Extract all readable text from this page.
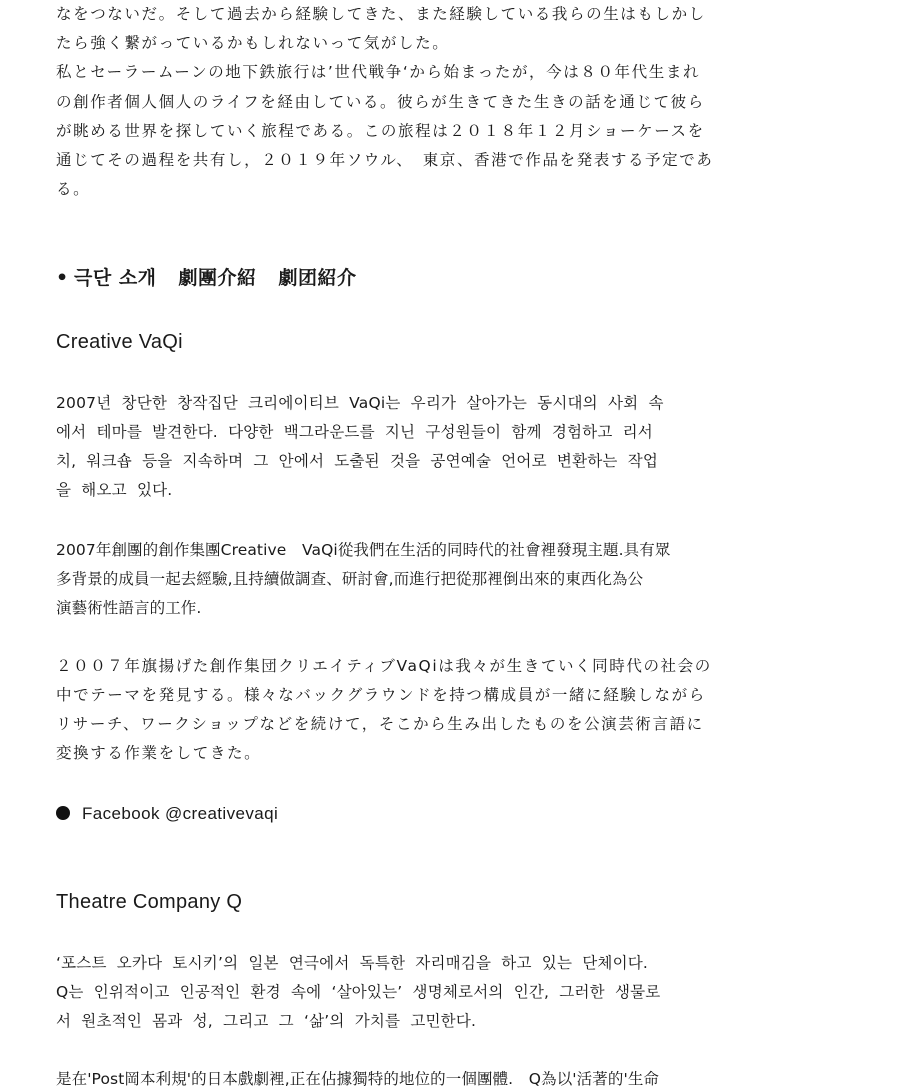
なをつないだ。そして過去から経験してきた、また経験している我らの生はもしかし
たら強く繋がっているかもしれないって気がした。
私とセーラームーンの地下鉄旅行は’世代戦争‘から始まったが，今は８０年代生まれ
の創作者個人個人のライフを経由している。彼らが生きてきた生きの話を通じて彼ら
が眺める世界を探していく旅程である。この旅程は２０１８年１２月ショーケースを
通じてその過程を共有し，２０１９年ソウル、　東京、香港で作品を発表する予定であ
る。
• 극단 소개 劇團介紹 劇团紹介
Creative VaQi
2007년 창단한 창작집단 크리에이티브 VaQi는 우리가 살아가는 동시대의 사회 속
에서 테마를 발견한다. 다양한 백그라운드를 지닌 구성원들이 함께 경험하고 리서
치, 워크숍 등을 지속하며 그 안에서 도출된 것을 공연예술 언어로 변환하는 작업
을 해오고 있다.
2007年創團的創作集團Creative　VaQi從我們在生活的同時代的社會裡發現主題.具有眾
多背景的成員一起去經驗,且持續做調查、研討會,而進行把從那裡倒出來的東西化為公
演藝術性語言的工作.
２００７年旗揚げた創作集団クリエイティブVaQiは我々が生きていく同時代の社会の
中でテーマを発見する。様々なバックグラウンドを持つ構成員が一緒に経験しながら
リサーチ、ワークショップなどを続けて，そこから生み出したものを公演芸術言語に
変換する作業をしてきた。
Facebook @creativevaqi
Theatre Company Q
‘포스트 오카다 토시키’의 일본 연극에서 독특한 자리매김을 하고 있는 단체이다.
Q는 인위적이고 인공적인 환경 속에 ‘살아있는’ 생명체로서의 인간, 그러한 생물로
서 원초적인 몸과 성, 그리고 그 ‘삶’의 가치를 고민한다.
是在'Post岡本利規'的日本戲劇裡,正在佔據獨特的地位的一個團體.　Q為以'活著的'生命
